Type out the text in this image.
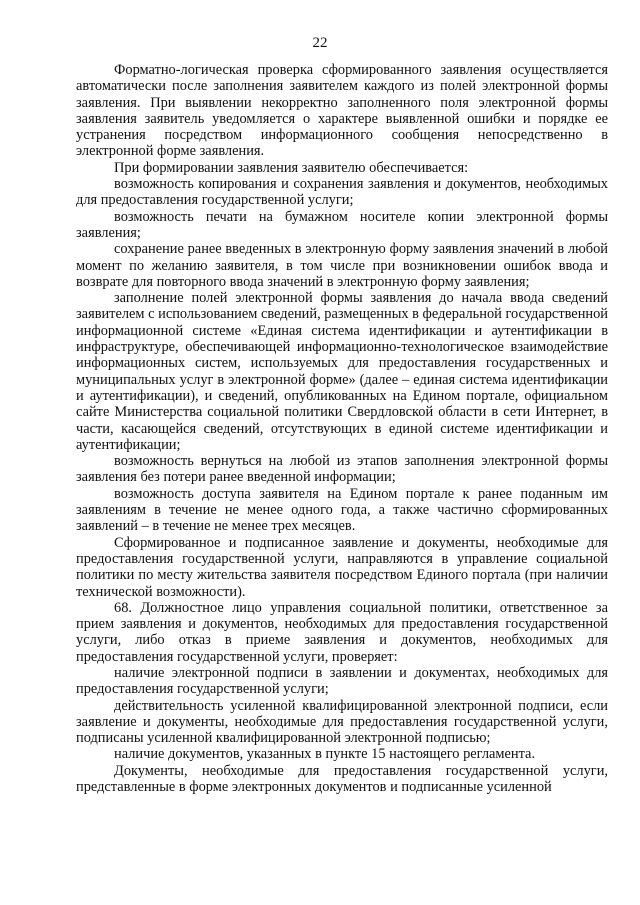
22

Форматно-логическая проверка сформированного заявления осуществляется автоматически после заполнения заявителем каждого из полей электронной формы заявления. При выявлении некорректно заполненного поля электронной формы заявления заявитель уведомляется о характере выявленной ошибки и порядке ее устранения посредством информационного сообщения непосредственно в электронной форме заявления.

При формировании заявления заявителю обеспечивается:

возможность копирования и сохранения заявления и документов, необходимых для предоставления государственной услуги;

возможность печати на бумажном носителе копии электронной формы заявления;

сохранение ранее введенных в электронную форму заявления значений в любой момент по желанию заявителя, в том числе при возникновении ошибок ввода и возврате для повторного ввода значений в электронную форму заявления;

заполнение полей электронной формы заявления до начала ввода сведений заявителем с использованием сведений, размещенных в федеральной государственной информационной системе «Единая система идентификации и аутентификации в инфраструктуре, обеспечивающей информационно-технологическое взаимодействие информационных систем, используемых для предоставления государственных и муниципальных услуг в электронной форме» (далее – единая система идентификации и аутентификации), и сведений, опубликованных на Едином портале, официальном сайте Министерства социальной политики Свердловской области в сети Интернет, в части, касающейся сведений, отсутствующих в единой системе идентификации и аутентификации;

возможность вернуться на любой из этапов заполнения электронной формы заявления без потери ранее введенной информации;

возможность доступа заявителя на Едином портале к ранее поданным им заявлениям в течение не менее одного года, а также частично сформированных заявлений – в течение не менее трех месяцев.

Сформированное и подписанное заявление и документы, необходимые для предоставления государственной услуги, направляются в управление социальной политики по месту жительства заявителя посредством Единого портала (при наличии технической возможности).

68. Должностное лицо управления социальной политики, ответственное за прием заявления и документов, необходимых для предоставления государственной услуги, либо отказ в приеме заявления и документов, необходимых для предоставления государственной услуги, проверяет:

наличие электронной подписи в заявлении и документах, необходимых для предоставления государственной услуги;

действительность усиленной квалифицированной электронной подписи, если заявление и документы, необходимые для предоставления государственной услуги, подписаны усиленной квалифицированной электронной подписью;

наличие документов, указанных в пункте 15 настоящего регламента.

Документы, необходимые для предоставления государственной услуги, представленные в форме электронных документов и подписанные усиленной
